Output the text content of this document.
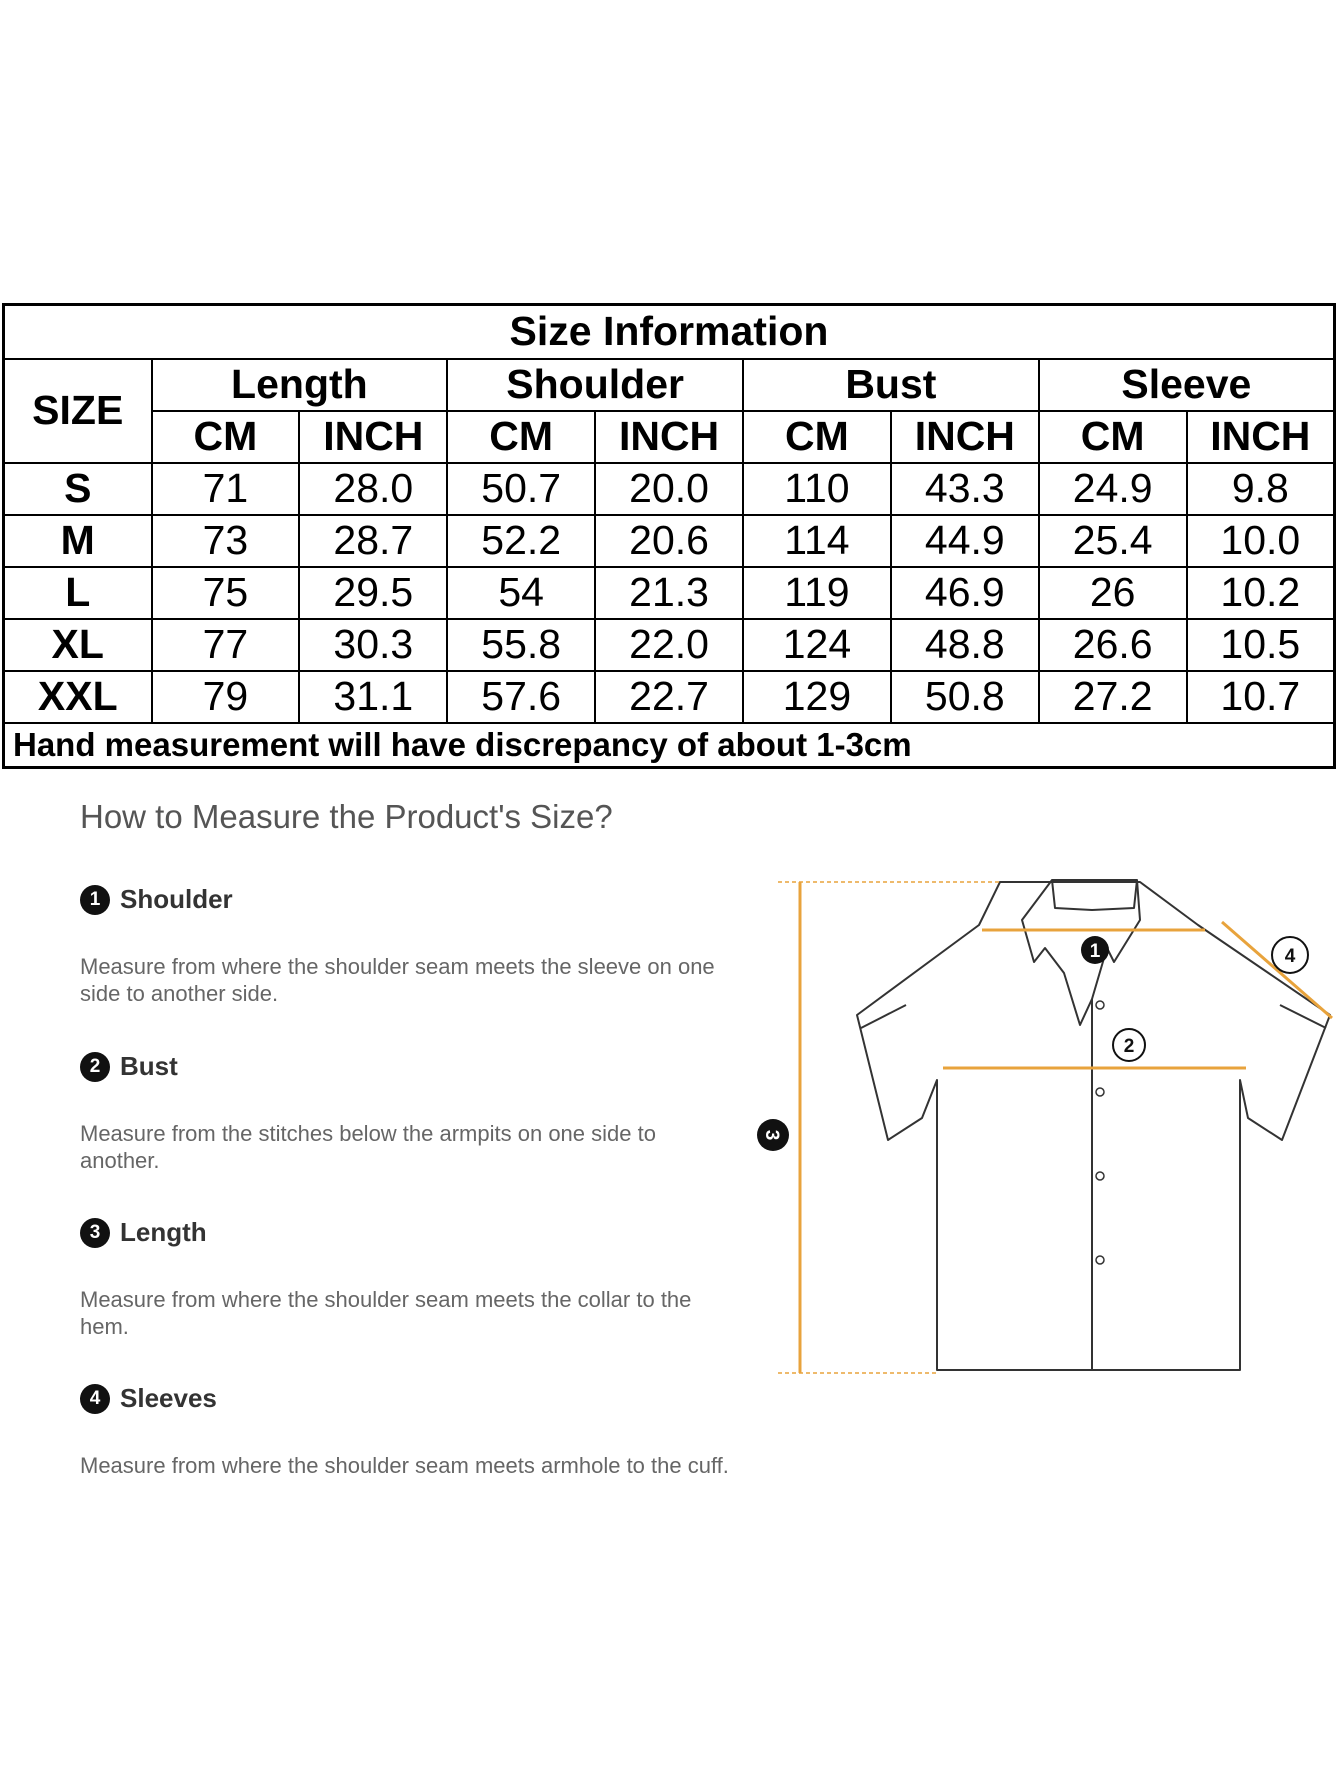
Size Information								
SIZE	Length		Shoulder		Bust		Sleeve	
	CM	INCH	CM	INCH	CM	INCH	CM	INCH
S	71	28.0	50.7	20.0	110	43.3	24.9	9.8
M	73	28.7	52.2	20.6	114	44.9	25.4	10.0
L	75	29.5	54	21.3	119	46.9	26	10.2
XL	77	30.3	55.8	22.0	124	48.8	26.6	10.5
XXL	79	31.1	57.6	22.7	129	50.8	27.2	10.7
Hand measurement will have discrepancy of about 1-3cm								
How to Measure the Product's Size?
1 Shoulder
Measure from where the shoulder seam meets the sleeve on one side to another side.
2 Bust
Measure from the stitches below the armpits on one side to another.
3 Length
Measure from where the shoulder seam meets the collar to the hem.
4 Sleeves
Measure from where the shoulder seam meets armhole to the cuff.
1
2
3
4
